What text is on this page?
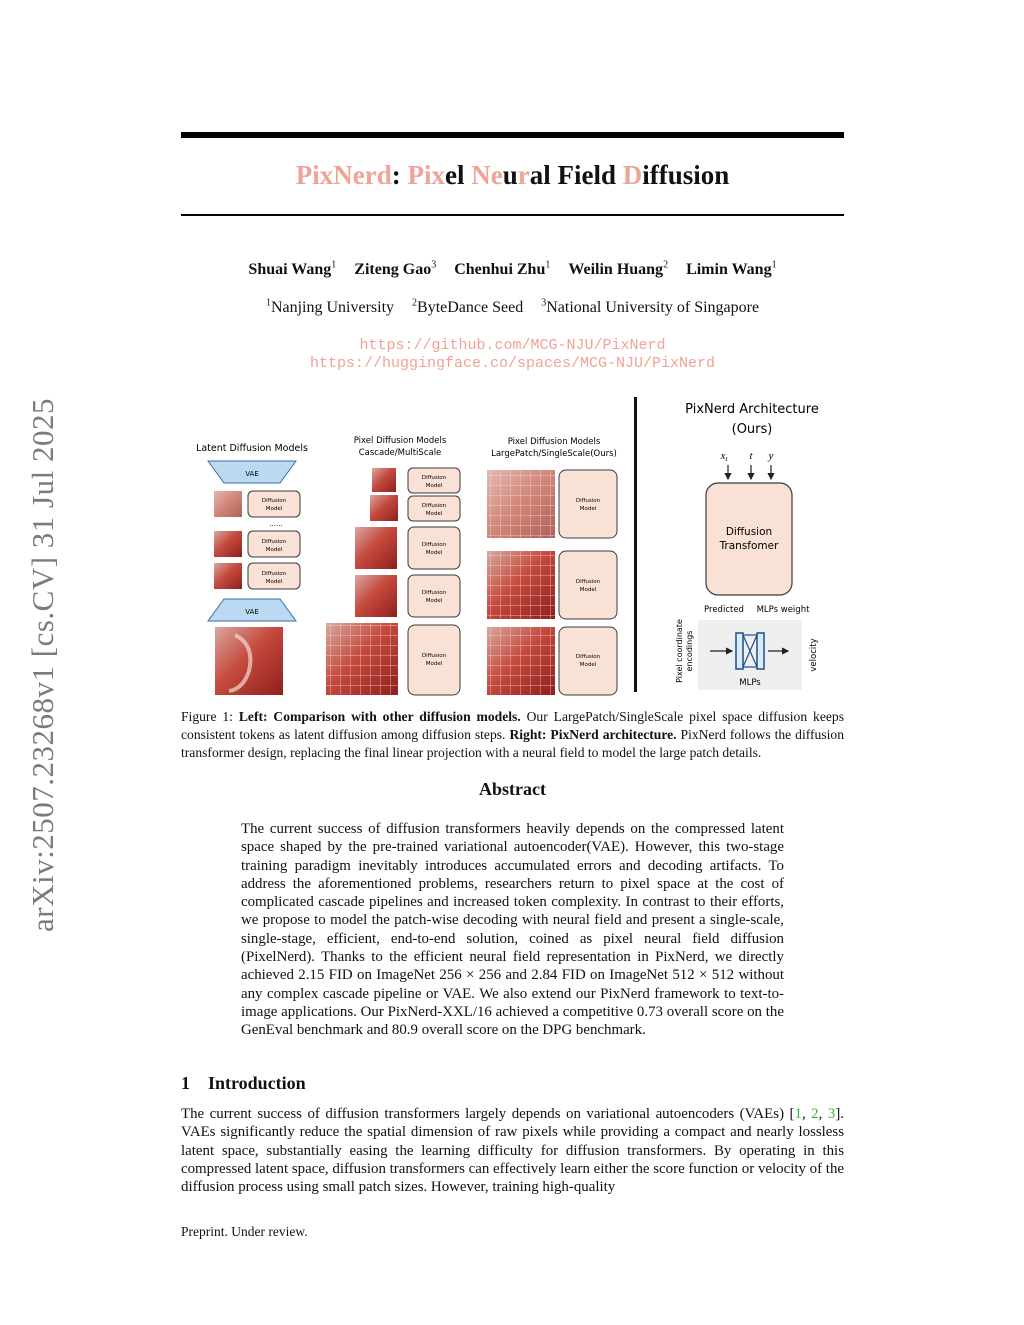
arXiv:2507.23268v1 [cs.CV] 31 Jul 2025
PixNerd: Pixel Neural Field Diffusion
Shuai Wang$^1$ Ziteng Gao$^3$ Chenhui Zhu$^1$ Weilin Huang$^2$ Limin Wang$^1$
$^1$Nanjing University $^2$ByteDance Seed $^3$National University of Singapore
https://github.com/MCG-NJU/PixNerd
https://huggingface.co/spaces/MCG-NJU/PixNerd
Latent Diffusion Models
VAE
Diffusion
Model
......
Diffusion
Model
Diffusion
Model
VAE
Pixel Diffusion Models
Cascade/MultiScale
Diffusion
Model
Diffusion
Model
Diffusion
Model
Diffusion
Model
Diffusion
Model
Pixel Diffusion Models
LargePatch/SingleScale(Ours)
Diffusion
Model
Diffusion
Model
Diffusion
Model
PixNerd Architecture
(Ours)
xt t y
Diffusion
Transfomer
Predicted MLPs weight
MLPs
Pixel coordinate encodings	velocity
Figure 1: Left: Comparison with other diffusion models. Our LargePatch/SingleScale pixel space diffusion keeps consistent tokens as latent diffusion among diffusion steps. Right: PixNerd architecture. PixNerd follows the diffusion transformer design, replacing the final linear projection with a neural field to model the large patch details.
Abstract
The current success of diffusion transformers heavily depends on the compressed latent space shaped by the pre-trained variational autoencoder(VAE). However, this two-stage training paradigm inevitably introduces accumulated errors and decoding artifacts. To address the aforementioned problems, researchers return to pixel space at the cost of complicated cascade pipelines and increased token complexity. In contrast to their efforts, we propose to model the patch-wise decoding with neural field and present a single-scale, single-stage, efficient, end-to-end solution, coined as pixel neural field diffusion (PixelNerd). Thanks to the efficient neural field representation in PixNerd, we directly achieved 2.15 FID on ImageNet 256 × 256 and 2.84 FID on ImageNet 512 × 512 without any complex cascade pipeline or VAE. We also extend our PixNerd framework to text-to-image applications. Our PixNerd-XXL/16 achieved a competitive 0.73 overall score on the GenEval benchmark and 80.9 overall score on the DPG benchmark.
1 Introduction
The current success of diffusion transformers largely depends on variational autoencoders (VAEs) [1, 2, 3]. VAEs significantly reduce the spatial dimension of raw pixels while providing a compact and nearly lossless latent space, substantially easing the learning difficulty for diffusion transformers. By operating in this compressed latent space, diffusion transformers can effectively learn either the score function or velocity of the diffusion process using small patch sizes. However, training high-quality
Preprint. Under review.
